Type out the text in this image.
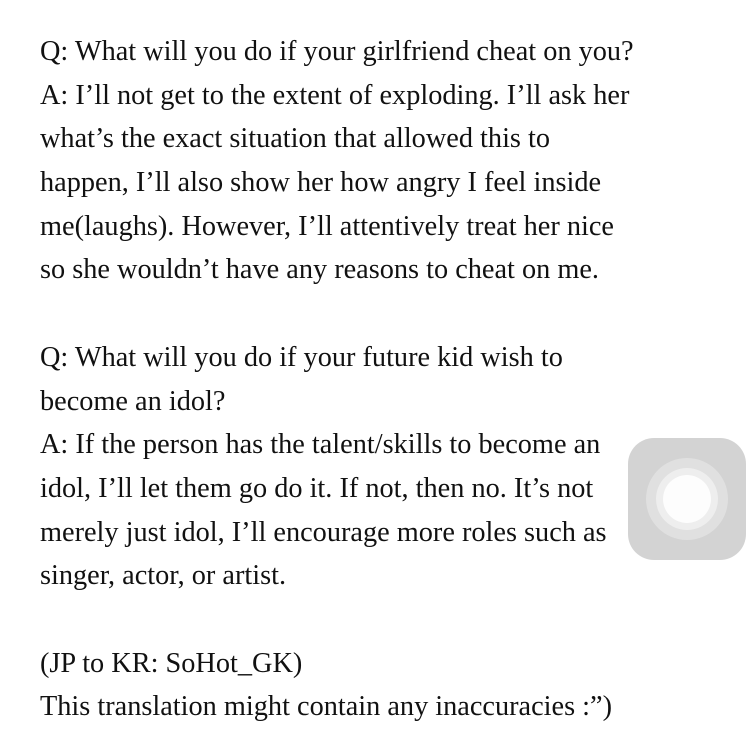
Q: What will you do if your girlfriend cheat on you?
A: I’ll not get to the extent of exploding. I’ll ask her
what’s the exact situation that allowed this to
happen, I’ll also show her how angry I feel inside
me(laughs). However, I’ll attentively treat her nice
so she wouldn’t have any reasons to cheat on me.
Q: What will you do if your future kid wish to
become an idol?
A: If the person has the talent/skills to become an
idol, I’ll let them go do it. If not, then no. It’s not
merely just idol, I’ll encourage more roles such as
singer, actor, or artist.
(JP to KR: SoHot_GK)
This translation might contain any inaccuracies :”)
